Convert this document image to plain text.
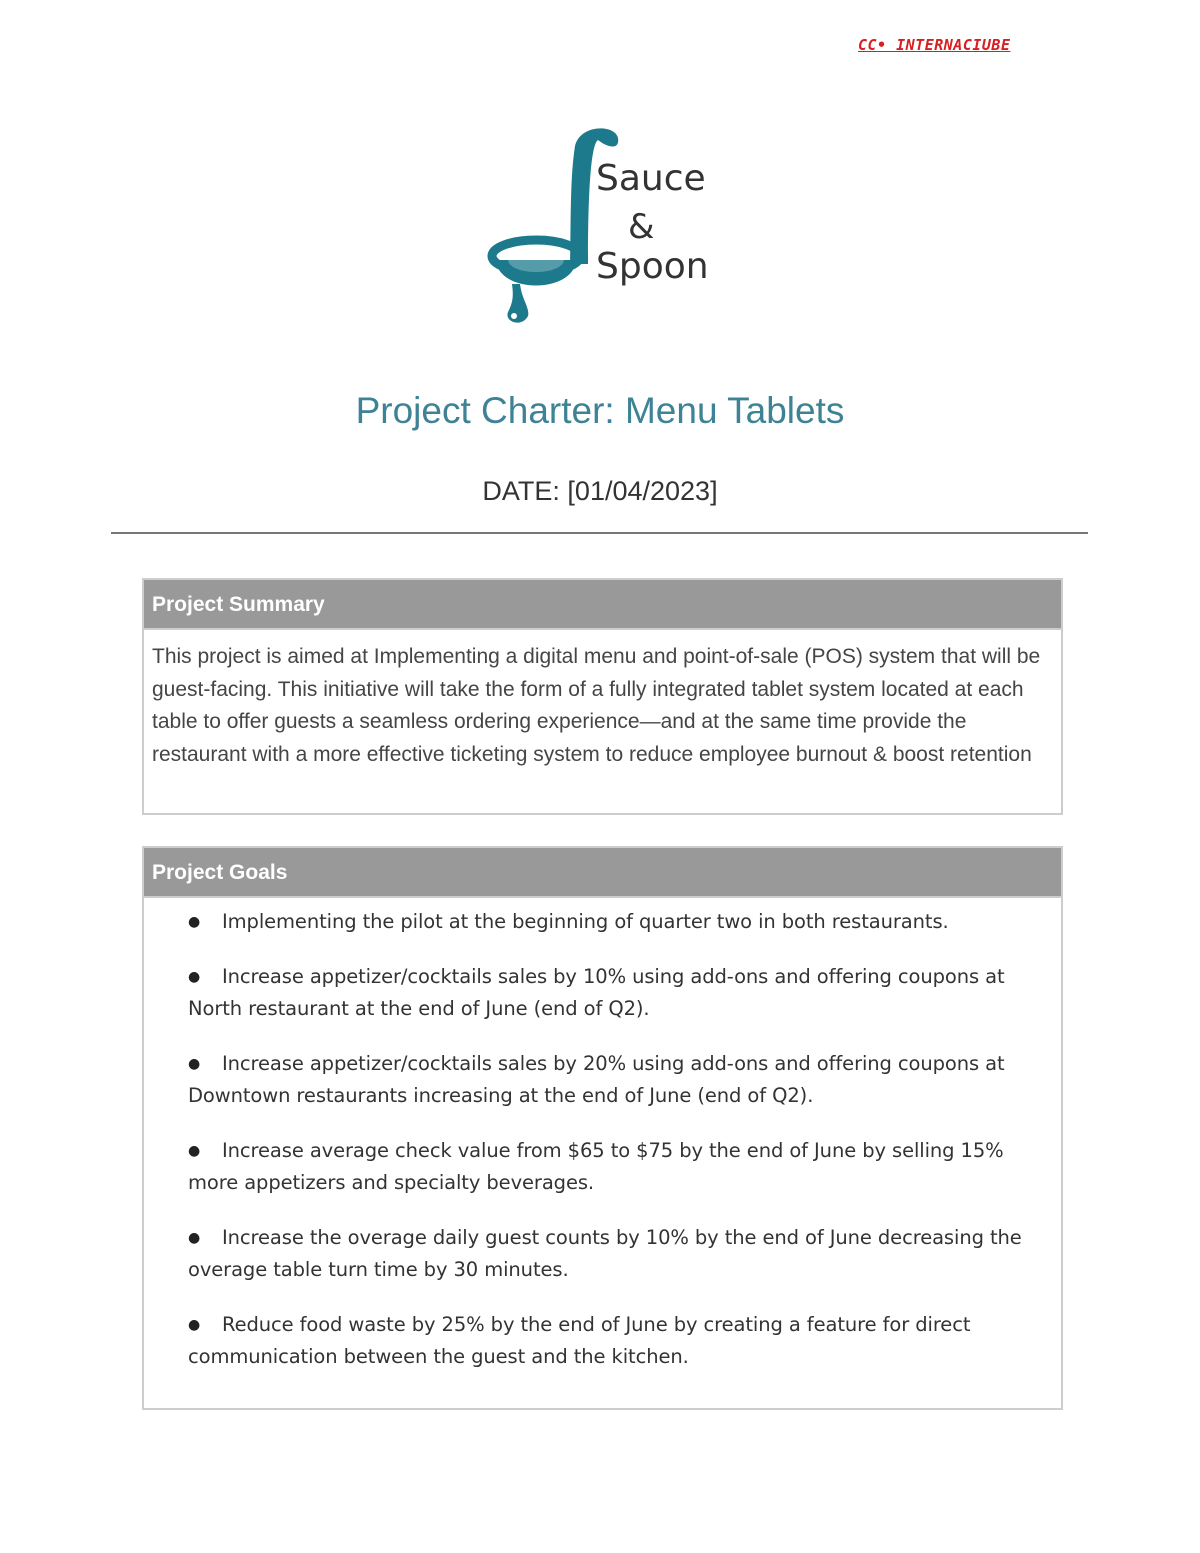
CC• INTERNACIUBE
Sauce
&
Spoon
Project Charter: Menu Tablets
DATE: [01/04/2023]
Project Summary
This project is aimed at Implementing a digital menu and point-of-sale (POS) system that will be guest-facing. This initiative will take the form of a fully integrated tablet system located at each table to offer guests a seamless ordering experience—and at the same time provide the restaurant with a more effective ticketing system to reduce employee burnout & boost retention
Project Goals
● Implementing the pilot at the beginning of quarter two in both restaurants.
● Increase appetizer/cocktails sales by 10% using add-ons and offering coupons at North restaurant at the end of June (end of Q2).
● Increase appetizer/cocktails sales by 20% using add-ons and offering coupons at Downtown restaurants increasing at the end of June (end of Q2).
● Increase average check value from $65 to $75 by the end of June by selling 15% more appetizers and specialty beverages.
● Increase the overage daily guest counts by 10% by the end of June decreasing the overage table turn time by 30 minutes.
● Reduce food waste by 25% by the end of June by creating a feature for direct communication between the guest and the kitchen.
